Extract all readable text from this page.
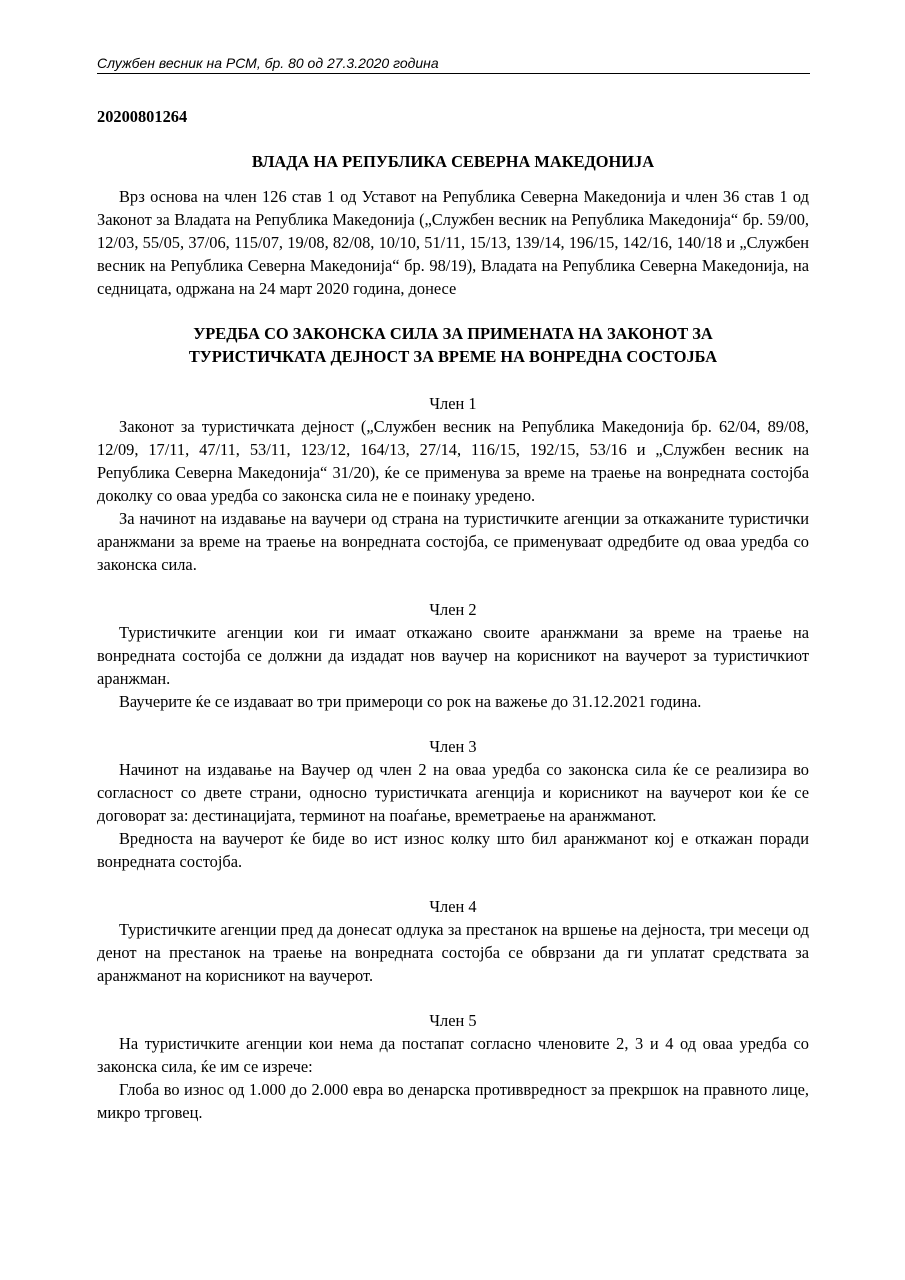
Службен весник на РСМ, бр. 80 од 27.3.2020 година

20200801264

ВЛАДА НА РЕПУБЛИКА СЕВЕРНА МАКЕДОНИЈА

Врз основа на член 126 став 1 од Уставот на Република Северна Македонија и член 36 став 1 од Законот за Владата на Република Македонија („Службен весник на Република Македонија“ бр. 59/00, 12/03, 55/05, 37/06, 115/07, 19/08, 82/08, 10/10, 51/11, 15/13, 139/14, 196/15, 142/16, 140/18 и „Службен весник на Република Северна Македонија“ бр. 98/19), Владата на Република Северна Македонија, на седницата, одржана на 24 март 2020 година, донесе

УРЕДБА СО ЗАКОНСКА СИЛА ЗА ПРИМЕНАТА НА ЗАКОНОТ ЗА ТУРИСТИЧКАТА ДЕЈНОСТ ЗА ВРЕМЕ НА ВОНРЕДНА СОСТОЈБА

Член 1

Законот за туристичката дејност („Службен весник на Република Македонија бр. 62/04, 89/08, 12/09, 17/11, 47/11, 53/11, 123/12, 164/13, 27/14, 116/15, 192/15, 53/16 и „Службен весник на Република Северна Македонија“ 31/20), ќе се применува за време на траење на вонредната состојба доколку со оваа уредба со законска сила не е поинаку уредено.

За начинот на издавање на ваучери од страна на туристичките агенции за откажаните туристички аранжмани за време на траење на вонредната состојба, се применуваат одредбите од оваа уредба со законска сила.

Член 2

Туристичките агенции кои ги имаат откажано своите аранжмани за време на траење на вонредната состојба се должни да издадат нов ваучер на корисникот на ваучерот за туристичкиот аранжман.

Ваучерите ќе се издаваат во три примероци со рок на важење до 31.12.2021 година.

Член 3

Начинот на издавање на Ваучер од член 2 на оваа уредба со законска сила ќе се реализира во согласност со двете страни, односно туристичката агенција и корисникот на ваучерот кои ќе се договорат за: дестинацијата, терминот на поаѓање, времетраење на аранжманот.

Вредноста на ваучерот ќе биде во ист износ колку што бил аранжманот кој е откажан поради вонредната состојба.

Член 4

Туристичките агенции пред да донесат одлука за престанок на вршење на дејноста, три месеци од денот на престанок на траење на вонредната состојба се обврзани да ги уплатат средствата за аранжманот на корисникот на ваучерот.

Член 5

На туристичките агенции кои нема да постапат согласно членовите 2, 3 и 4 од оваа уредба со законска сила, ќе им се изрече:

Глоба во износ од 1.000 до 2.000 евра во денарска противвредност за прекршок на правното лице, микро трговец.
